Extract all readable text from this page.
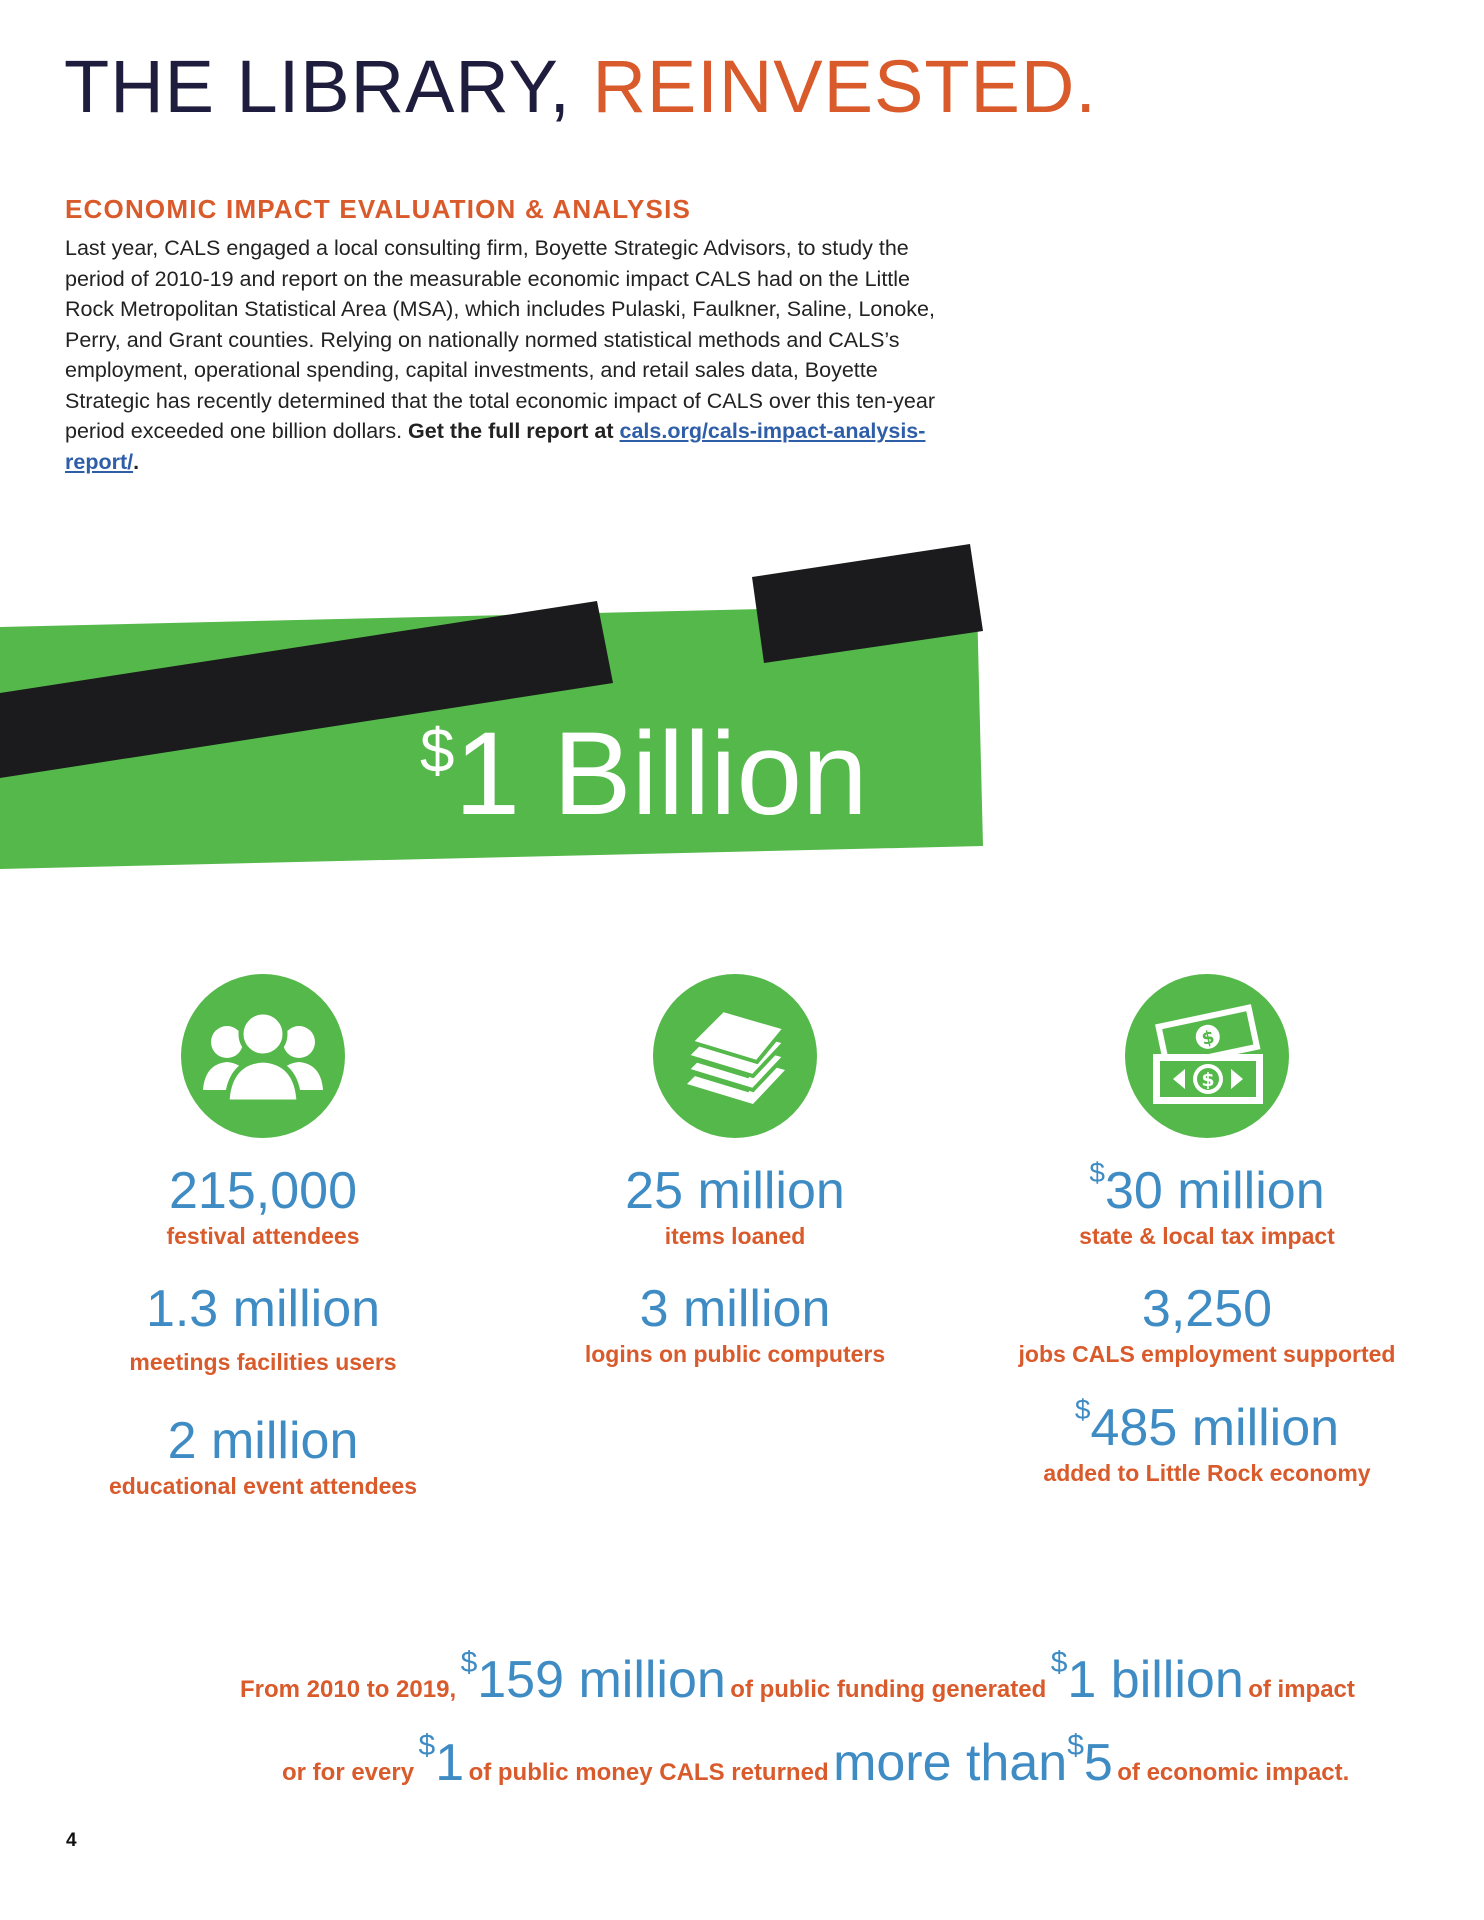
THE LIBRARY, REINVESTED.
ECONOMIC IMPACT EVALUATION & ANALYSIS

Last year, CALS engaged a local consulting firm, Boyette Strategic Advisors, to study the period of 2010-19 and report on the measurable economic impact CALS had on the Little Rock Metropolitan Statistical Area (MSA), which includes Pulaski, Faulkner, Saline, Lonoke, Perry, and Grant counties. Relying on nationally normed statistical methods and CALS’s employment, operational spending, capital investments, and retail sales data, Boyette Strategic has recently determined that the total economic impact of CALS over this ten-year period exceeded one billion dollars. Get the full report at cals.org/cals-impact-analysis-report/.

$1 Billion
$
$
215,000
festival attendees
1.3 million
meetings facilities users
2 million
educational event attendees
25 million
items loaned
3 million
logins on public computers
$30 million
state & local tax impact
3,250
jobs CALS employment supported
$485 million
added to Little Rock economy
From 2010 to 2019, $159 million of public funding generated $1 billion of impact
or for every $1 of public money CALS returned more than$5 of economic impact.
4
